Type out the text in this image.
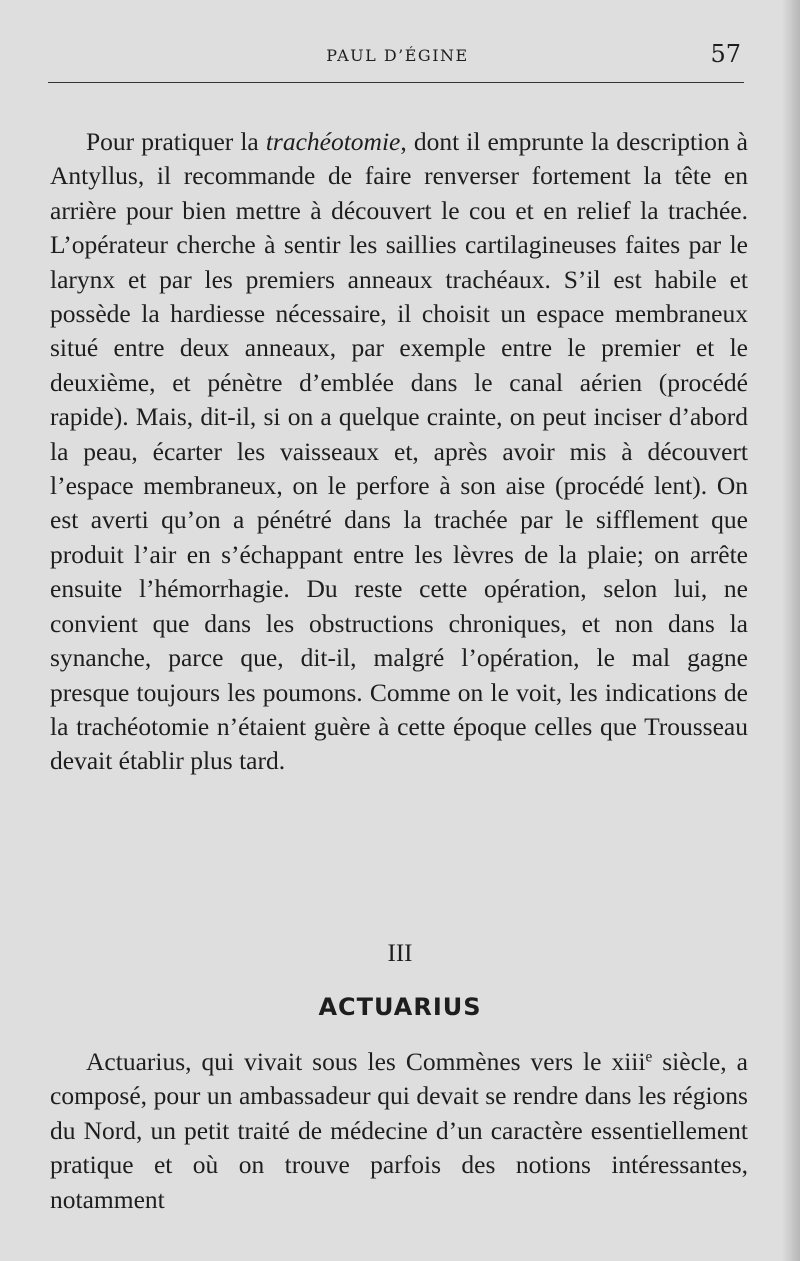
PAUL D’ÉGINE	57

Pour pratiquer la trachéotomie, dont il emprunte la description à Antyllus, il recommande de faire renverser fortement la tête en arrière pour bien mettre à découvert le cou et en relief la trachée. L’opérateur cherche à sentir les saillies cartilagineuses faites par le larynx et par les premiers anneaux trachéaux. S’il est habile et possède la hardiesse nécessaire, il choisit un espace membraneux situé entre deux anneaux, par exemple entre le premier et le deuxième, et pénètre d’emblée dans le canal aérien (procédé rapide). Mais, dit-il, si on a quelque crainte, on peut inciser d’abord la peau, écarter les vaisseaux et, après avoir mis à découvert l’espace membraneux, on le perfore à son aise (procédé lent). On est averti qu’on a pénétré dans la trachée par le sifflement que produit l’air en s’échappant entre les lèvres de la plaie; on arrête ensuite l’hémorrhagie. Du reste cette opération, selon lui, ne convient que dans les obstructions chroniques, et non dans la synanche, parce que, dit-il, malgré l’opération, le mal gagne presque toujours les poumons. Comme on le voit, les indications de la trachéotomie n’étaient guère à cette époque celles que Trousseau devait établir plus tard.

III
ACTUARIUS

Actuarius, qui vivait sous les Commènes vers le xiii$^e$ siècle, a composé, pour un ambassadeur qui devait se rendre dans les régions du Nord, un petit traité de médecine d’un caractère essentiellement pratique et où on trouve parfois des notions intéressantes, notamment
